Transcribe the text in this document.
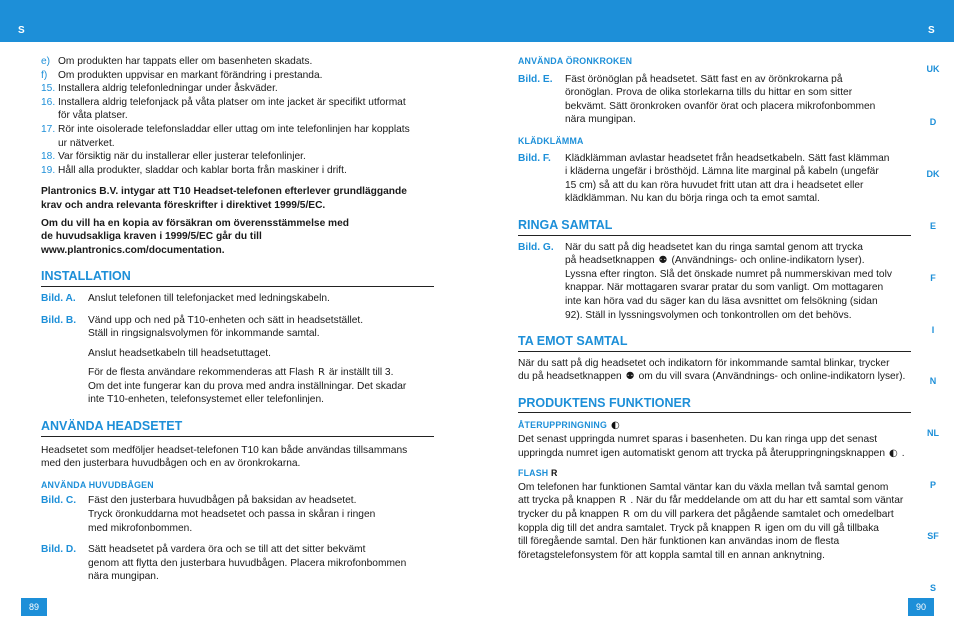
S	S

e) Om produkten har tappats eller om basenheten skadats.

f) Om produkten uppvisar en markant förändring i prestanda.

15. Installera aldrig telefonledningar under åskväder.

16. Installera aldrig telefonjack på våta platser om inte jacket är specifikt utformat

för våta platser.

17. Rör inte oisolerade telefonsladdar eller uttag om inte telefonlinjen har kopplats

ur nätverket.

18. Var försiktig när du installerar eller justerar telefonlinjer.

19. Håll alla produkter, sladdar och kablar borta från maskiner i drift.

Plantronics B.V. intygar att T10 Headset-telefonen efterlever grundläggande

krav och andra relevanta föreskrifter i direktivet 1999/5/EC.

Om du vill ha en kopia av försäkran om överensstämmelse med

de huvudsakliga kraven i 1999/5/EC går du till

www.plantronics.com/documentation.

INSTALLATION

Bild. A. Anslut telefonen till telefonjacket med ledningskabeln.

Bild. B. Vänd upp och ned på T10-enheten och sätt in headsetstället.

Ställ in ringsignalsvolymen för inkommande samtal.

Anslut headsetkabeln till headsetuttaget.

För de flesta användare rekommenderas att Flash R är inställt till 3.

Om det inte fungerar kan du prova med andra inställningar. Det skadar

inte T10-enheten, telefonsystemet eller telefonlinjen.

ANVÄNDA HEADSETET

Headsetet som medföljer headset-telefonen T10 kan både användas tillsammans

med den justerbara huvudbågen och en av öronkrokarna.

ANVÄNDA HUVUDBÅGEN

Bild. C. Fäst den justerbara huvudbågen på baksidan av headsetet.

Tryck öronkuddarna mot headsetet och passa in skåran i ringen

med mikrofonbommen.

Bild. D. Sätt headsetet på vardera öra och se till att det sitter bekvämt

genom att flytta den justerbara huvudbågen. Placera mikrofonbommen

nära mungipan.

ANVÄNDA ÖRONKROKEN

Bild. E. Fäst örönöglan på headsetet. Sätt fast en av örönkrokarna på

öronöglan. Prova de olika storlekarna tills du hittar en som sitter

bekvämt. Sätt öronkroken ovanför örat och placera mikrofonbommen

nära mungipan.

KLÄDKLÄMMA

Bild. F. Klädklämman avlastar headsetet från headsetkabeln. Sätt fast klämman

i kläderna ungefär i brösthöjd. Lämna lite marginal på kabeln (ungefär

15 cm) så att du kan röra huvudet fritt utan att dra i headsetet eller

klädklämman. Nu kan du börja ringa och ta emot samtal.

RINGA SAMTAL

Bild. G. När du satt på dig headsetet kan du ringa samtal genom att trycka

på headsetknappen ⚉ (Användnings- och online-indikatorn lyser).

Lyssna efter rington. Slå det önskade numret på nummerskivan med tolv

knappar. När mottagaren svarar pratar du som vanligt. Om mottagaren

inte kan höra vad du säger kan du läsa avsnittet om felsökning (sidan

92). Ställ in lyssningsvolymen och tonkontrollen om det behövs.

TA EMOT SAMTAL

När du satt på dig headsetet och indikatorn för inkommande samtal blinkar, trycker

du på headsetknappen ⚉ om du vill svara (Användnings- och online-indikatorn lyser).

PRODUKTENS FUNKTIONER
ÅTERUPPRINGNING ◐

Det senast uppringda numret sparas i basenheten. Du kan ringa upp det senast

uppringda numret igen automatiskt genom att trycka på återuppringningsknappen ◐ .

FLASH R

Om telefonen har funktionen Samtal väntar kan du växla mellan två samtal genom

att trycka på knappen R . När du får meddelande om att du har ett samtal som väntar

trycker du på knappen R om du vill parkera det pågående samtalet och omedelbart

koppla dig till det andra samtalet. Tryck på knappen R igen om du vill gå tillbaka

till föregående samtal. Den här funktionen kan användas inom de flesta

företagstelefonsystem för att koppla samtal till en annan anknytning.

UK
D
DK
E
F
I
N
NL
P
SF
S
89	90
